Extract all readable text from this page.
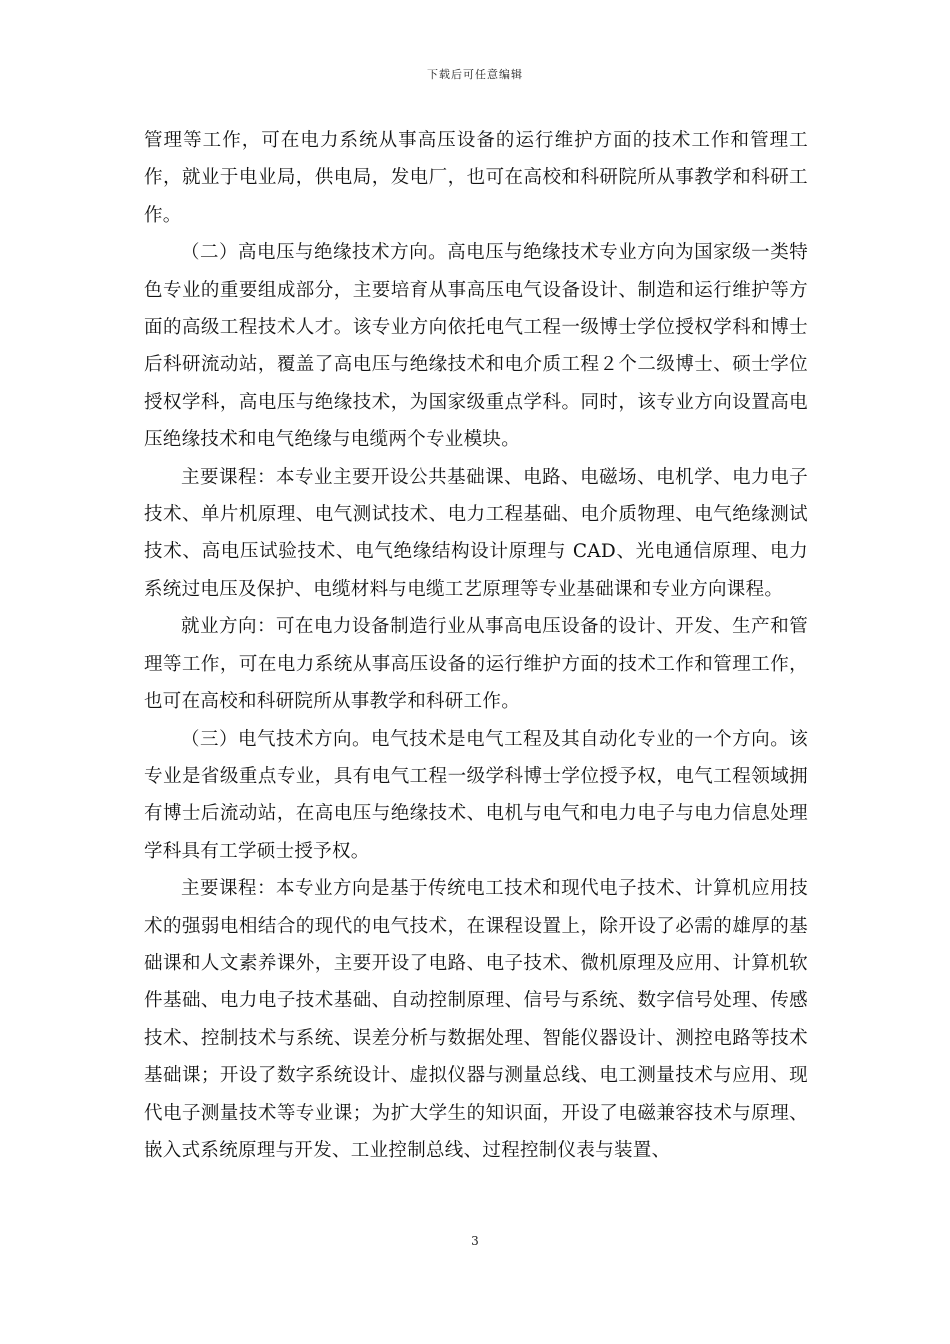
下载后可任意编辑

管理等工作，可在电力系统从事高压设备的运行维护方面的技术工作和管理工作，就业于电业局，供电局，发电厂，也可在高校和科研院所从事教学和科研工作。

（二）高电压与绝缘技术方向。高电压与绝缘技术专业方向为国家级一类特色专业的重要组成部分，主要培育从事高压电气设备设计、制造和运行维护等方面的高级工程技术人才。该专业方向依托电气工程一级博士学位授权学科和博士后科研流动站，覆盖了高电压与绝缘技术和电介质工程２个二级博士、硕士学位授权学科，高电压与绝缘技术，为国家级重点学科。同时，该专业方向设置高电压绝缘技术和电气绝缘与电缆两个专业模块。

主要课程：本专业主要开设公共基础课、电路、电磁场、电机学、电力电子技术、单片机原理、电气测试技术、电力工程基础、电介质物理、电气绝缘测试技术、高电压试验技术、电气绝缘结构设计原理与 CAD、光电通信原理、电力系统过电压及保护、电缆材料与电缆工艺原理等专业基础课和专业方向课程。

就业方向：可在电力设备制造行业从事高电压设备的设计、开发、生产和管理等工作，可在电力系统从事高压设备的运行维护方面的技术工作和管理工作，也可在高校和科研院所从事教学和科研工作。

（三）电气技术方向。电气技术是电气工程及其自动化专业的一个方向。该专业是省级重点专业，具有电气工程一级学科博士学位授予权，电气工程领域拥有博士后流动站，在高电压与绝缘技术、电机与电气和电力电子与电力信息处理学科具有工学硕士授予权。

主要课程：本专业方向是基于传统电工技术和现代电子技术、计算机应用技术的强弱电相结合的现代的电气技术，在课程设置上，除开设了必需的雄厚的基础课和人文素养课外，主要开设了电路、电子技术、微机原理及应用、计算机软件基础、电力电子技术基础、自动控制原理、信号与系统、数字信号处理、传感技术、控制技术与系统、误差分析与数据处理、智能仪器设计、测控电路等技术基础课；开设了数字系统设计、虚拟仪器与测量总线、电工测量技术与应用、现代电子测量技术等专业课；为扩大学生的知识面，开设了电磁兼容技术与原理、嵌入式系统原理与开发、工业控制总线、过程控制仪表与装置、

3
